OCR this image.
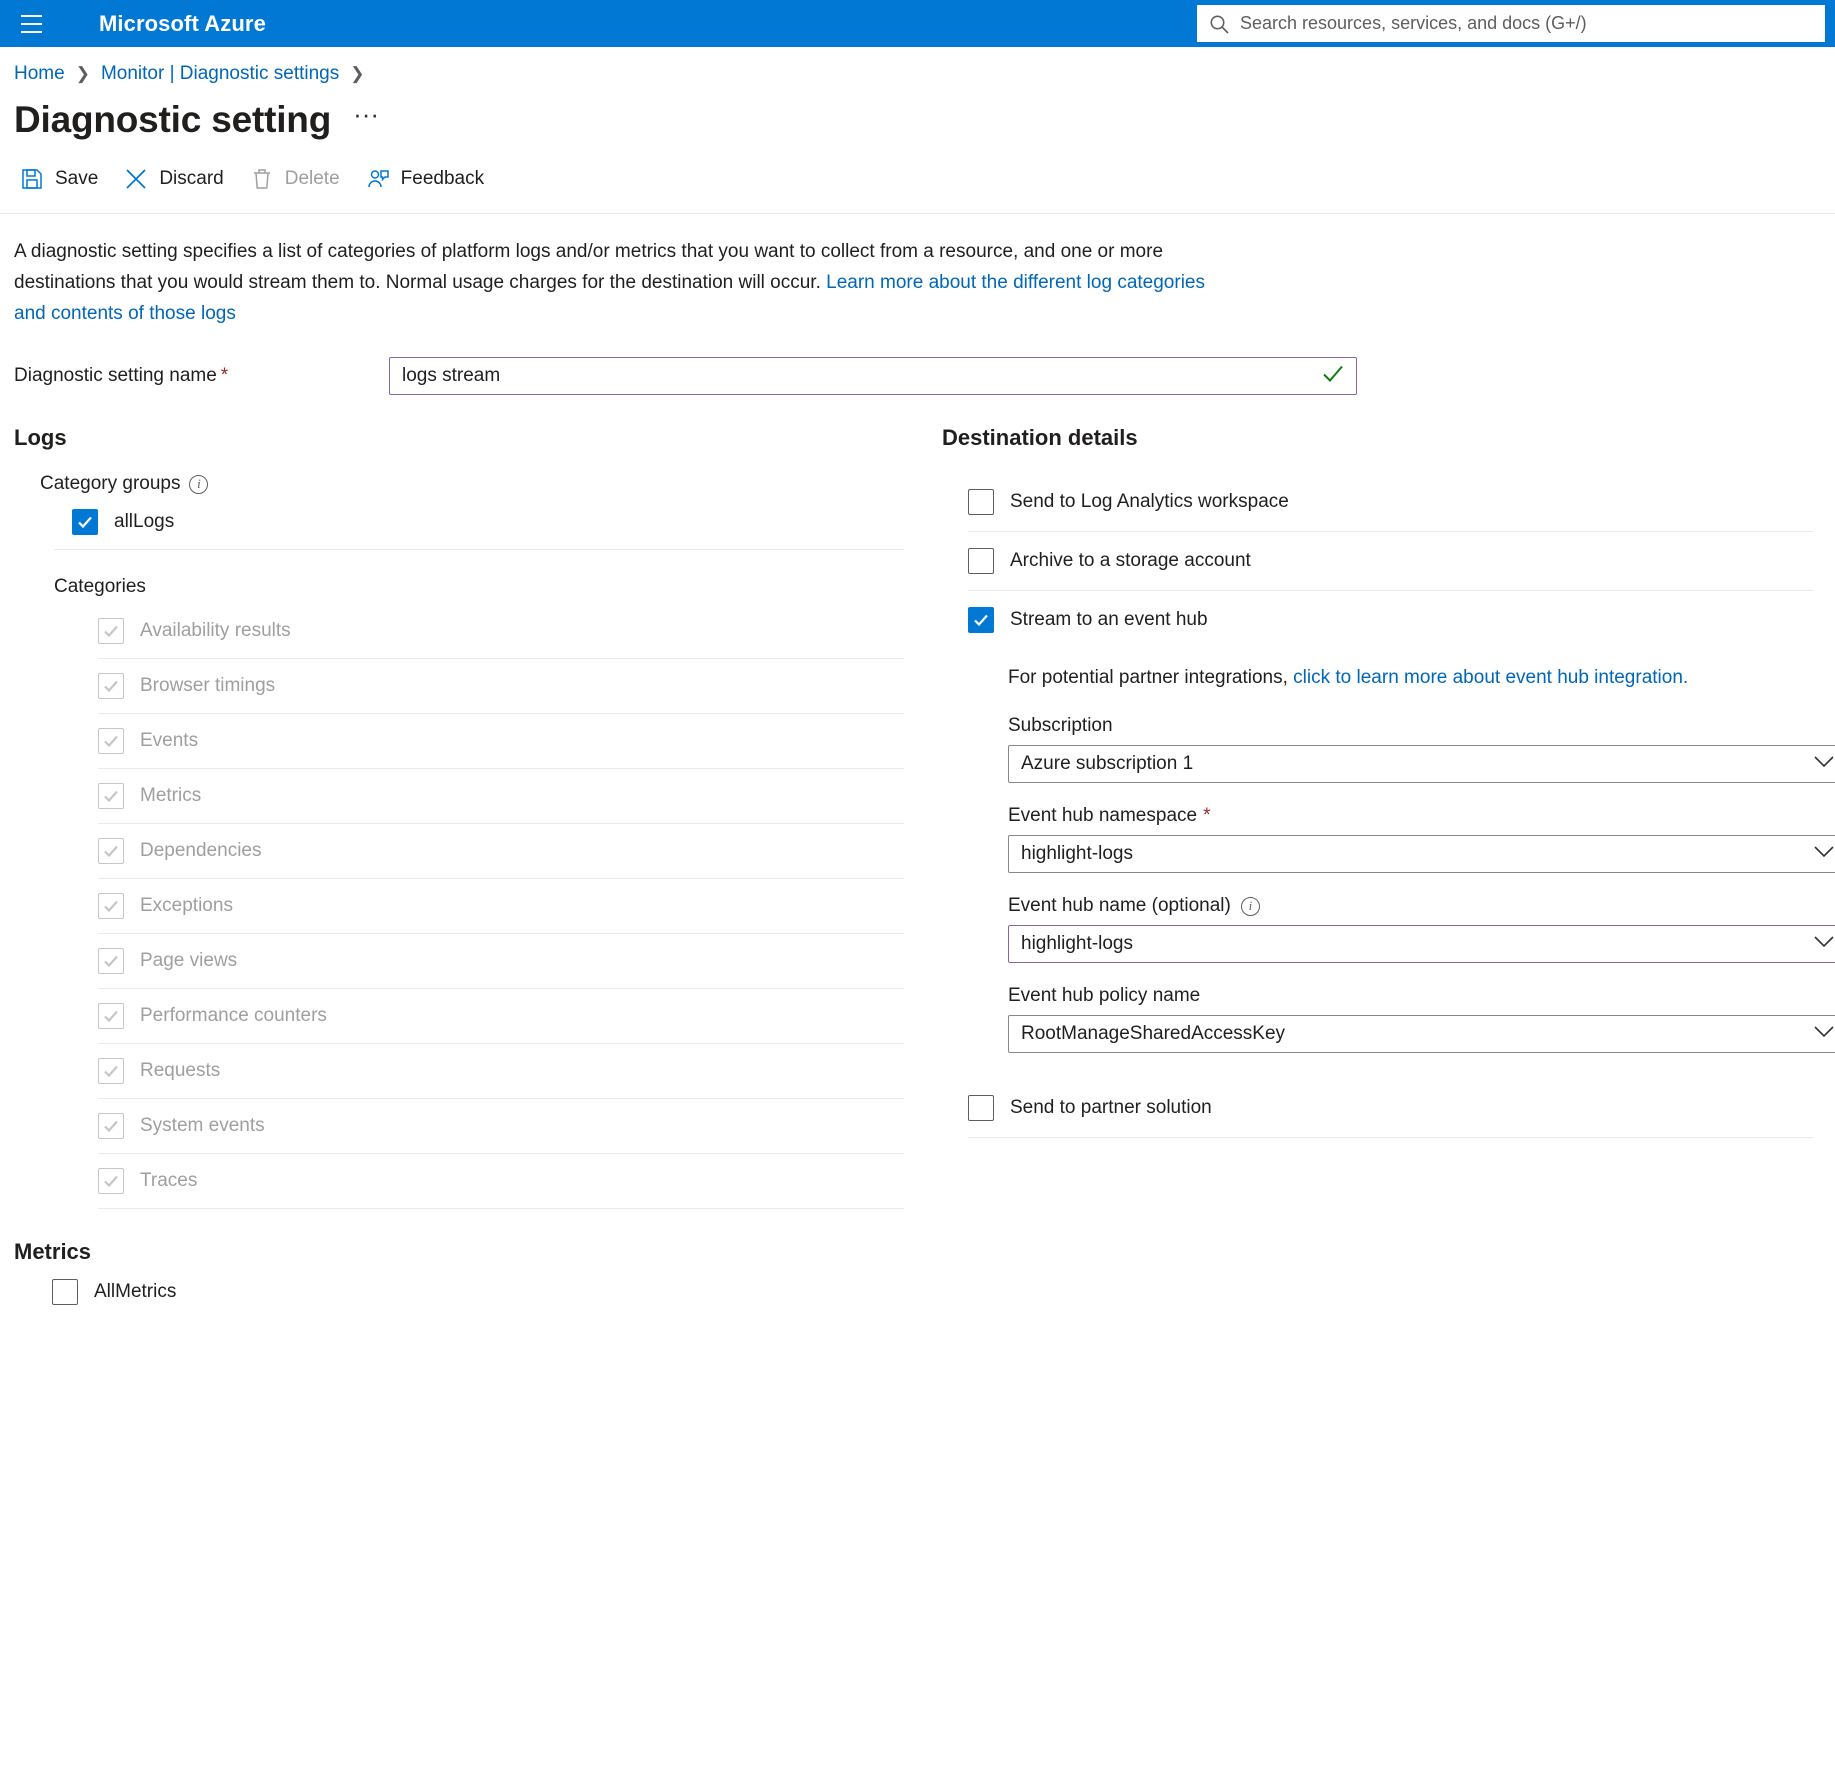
Microsoft Azure
Search resources, services, and docs (G+/)
Home ❯ Monitor | Diagnostic settings ❯
Diagnostic setting ···
Save	Discard	Delete	Feedback
A diagnostic setting specifies a list of categories of platform logs and/or metrics that you want to collect from a resource, and one or more destinations that you would stream them to. Normal usage charges for the destination will occur. Learn more about the different log categories and contents of those logs
Diagnostic setting name *
logs stream
Logs
Category groups	i
allLogs
Categories
Availability results
Browser timings
Events
Metrics
Dependencies
Exceptions
Page views
Performance counters
Requests
System events
Traces
Destination details
Send to Log Analytics workspace
Archive to a storage account
Stream to an event hub
For potential partner integrations, click to learn more about event hub integration.
Subscription
Azure subscription 1
Event hub namespace *
highlight-logs
Event hub name (optional)	i
highlight-logs
Event hub policy name
RootManageSharedAccessKey
Send to partner solution
Metrics
AllMetrics
